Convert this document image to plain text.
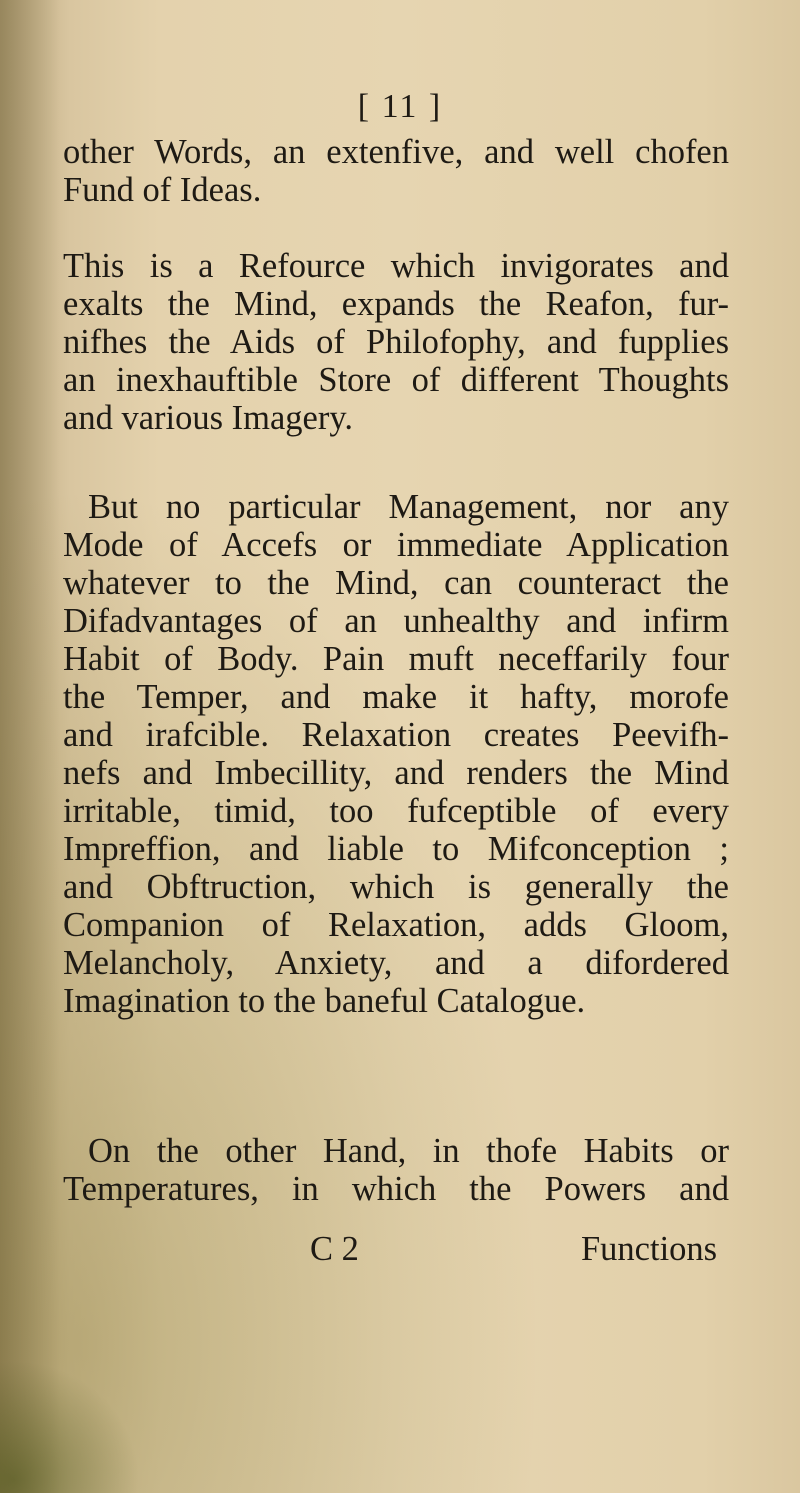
[ 11 ]
other Words, an extenfive, and well chofen
Fund of Ideas.
This is a Refource which invigorates and
exalts the Mind, expands the Reafon, fur-
nifhes the Aids of Philofophy, and fupplies
an inexhauftible Store of different Thoughts
and various Imagery.
But no particular Management, nor any
Mode of Accefs or immediate Application
whatever to the Mind, can counteract the
Difadvantages of an unhealthy and infirm
Habit of Body. Pain muft neceffarily four
the Temper, and make it hafty, morofe
and irafcible. Relaxation creates Peevifh-
nefs and Imbecillity, and renders the Mind
irritable, timid, too fufceptible of every
Impreffion, and liable to Mifconception ;
and Obftruction, which is generally the
Companion of Relaxation, adds Gloom,
Melancholy, Anxiety, and a difordered
Imagination to the baneful Catalogue.
On the other Hand, in thofe Habits or
Temperatures, in which the Powers and
C 2	Functions
